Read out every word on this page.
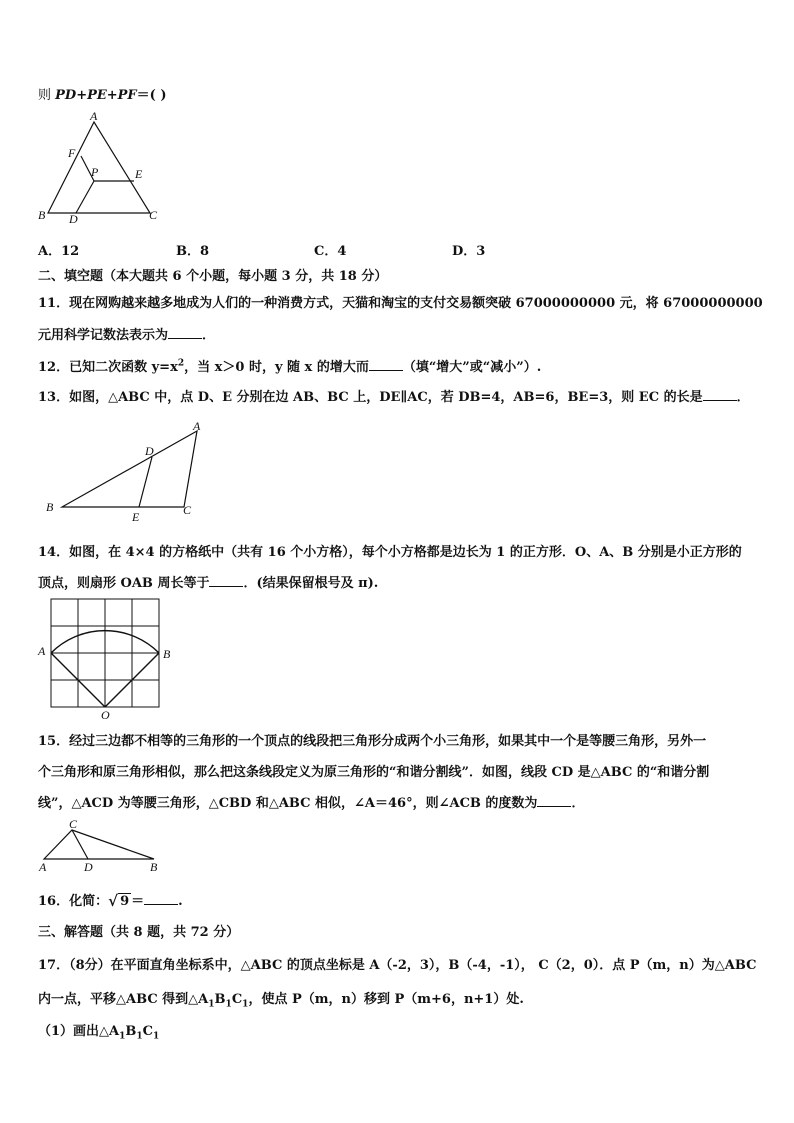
则 PD+PE+PF＝( )
A
F
P	E
B D	C
A．12	B．8	C．4	D．3
二、填空题（本大题共 6 个小题，每小题 3 分，共 18 分）
11．现在网购越来越多地成为人们的一种消费方式，天猫和淘宝的支付交易额突破 67000000000 元，将 67000000000
元用科学记数法表示为	．
12．已知二次函数 $y=x^2$，当 x＞0 时，y 随 x 的增大而	（填“增大”或“减小”）.
13．如图，△ABC 中，点 D、E 分别在边 AB、BC 上，DE∥AC，若 DB=4，AB=6，BE=3，则 EC 的长是	．
A
D
B
E	C
14．如图，在 4×4 的方格纸中（共有 16 个小方格），每个小方格都是边长为 1 的正方形．O、A、B 分别是小正方形的
顶点，则扇形 OAB 周长等于	．(结果保留根号及 π).
A	B
O
15．经过三边都不相等的三角形的一个顶点的线段把三角形分成两个小三角形，如果其中一个是等腰三角形，另外一
个三角形和原三角形相似，那么把这条线段定义为原三角形的“和谐分割线”．如图，线段 CD 是△ABC 的“和谐分割
线”，△ACD 为等腰三角形，△CBD 和△ABC 相似，∠A＝46°，则∠ACB 的度数为	．
C
A	D	B
16．化简： √ 9 ＝	.
三、解答题（共 8 题，共 72 分）
17．（8分）在平面直角坐标系中，△ABC 的顶点坐标是 A（-2，3），B（-4，-1）， C（2，0）．点 P（m，n）为△ABC
内一点，平移△ABC 得到$\triangle A_1B_1C_1$，使点 P（m，n）移到 P（m+6，n+1）处.
（1）画出$\triangle A_1B_1C_1$
